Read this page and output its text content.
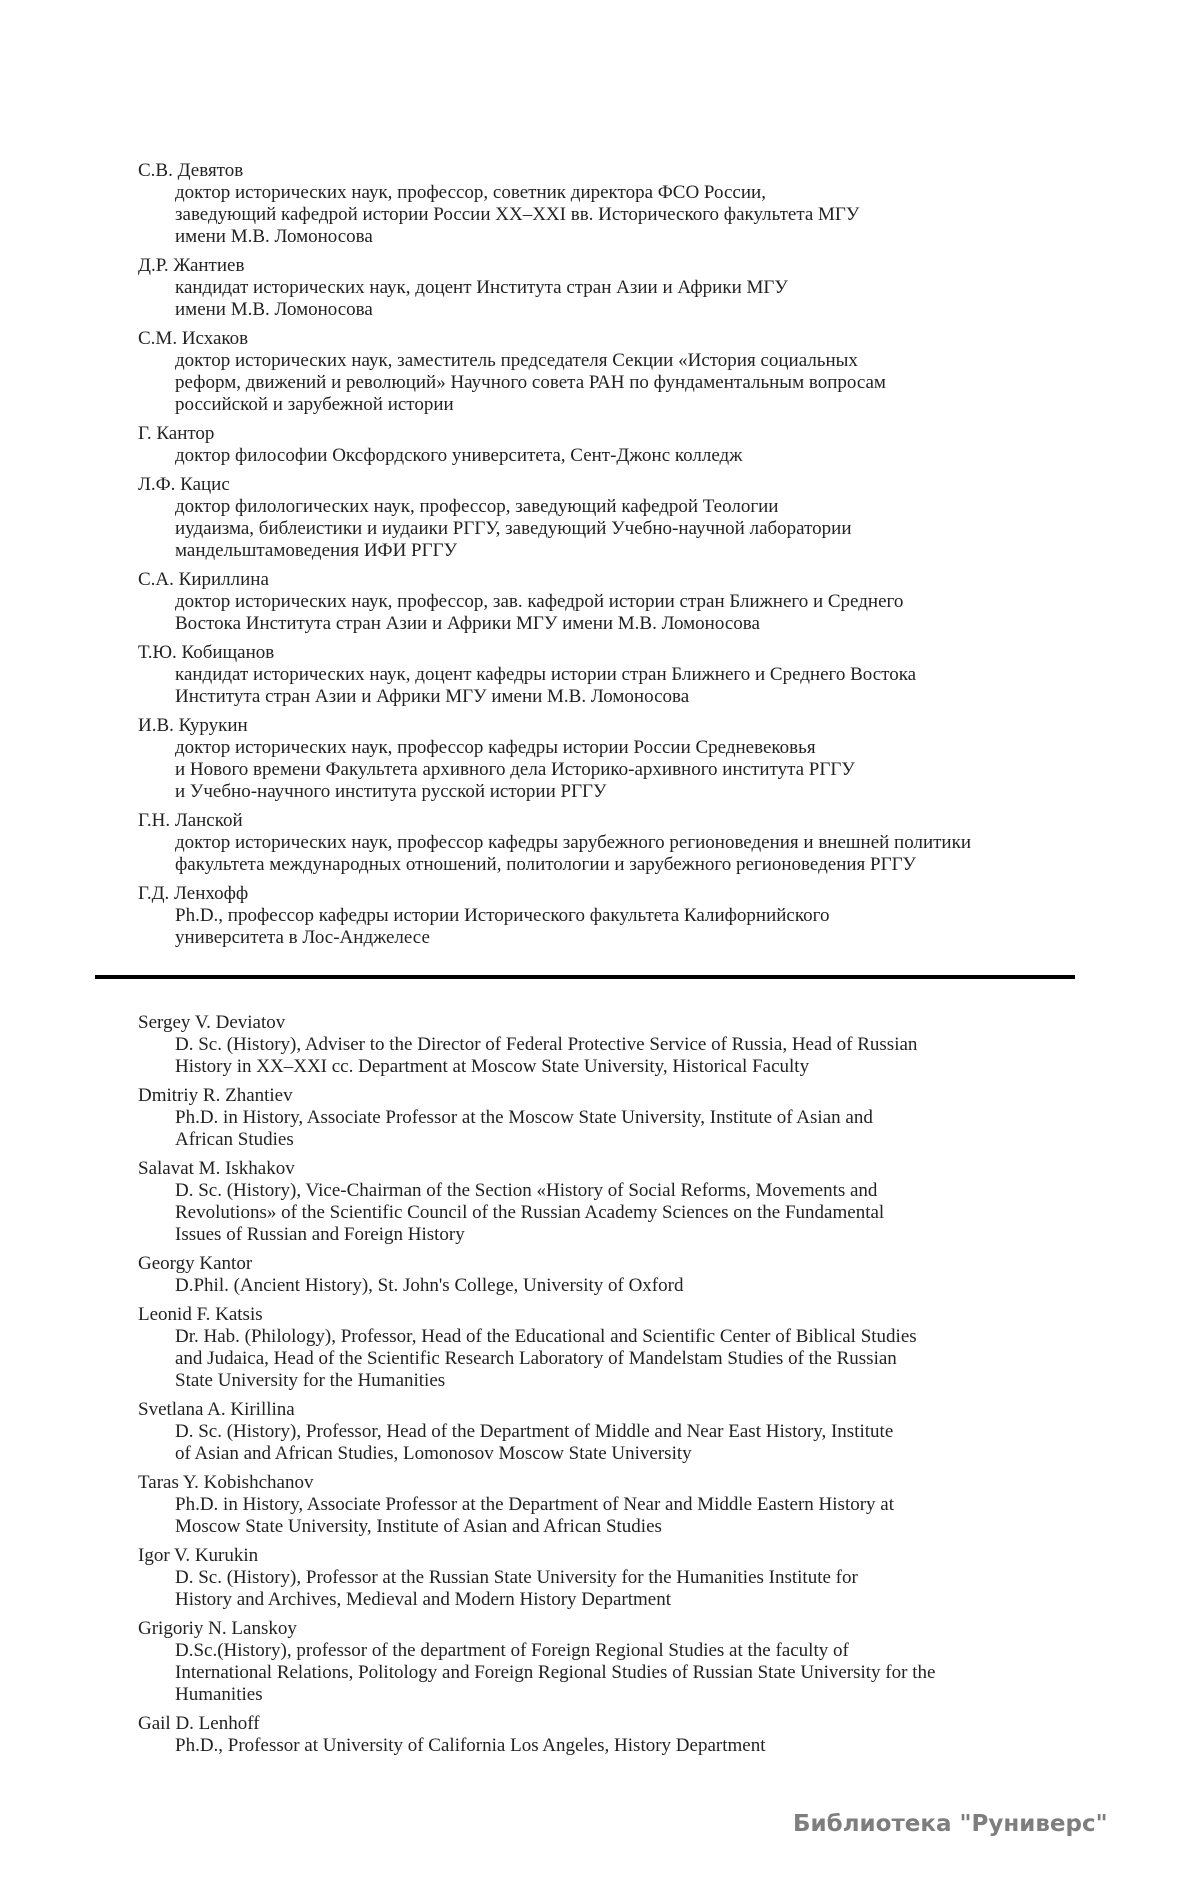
С.В. Девятов
доктор исторических наук, профессор, советник директора ФСО России,
заведующий кафедрой истории России XX–XXI вв. Исторического факультета МГУ
имени М.В. Ломоносова
Д.Р. Жантиев
кандидат исторических наук, доцент Института стран Азии и Африки МГУ
имени М.В. Ломоносова
С.М. Исхаков
доктор исторических наук, заместитель председателя Секции «История социальных
реформ, движений и революций» Научного совета РАН по фундаментальным вопросам
российской и зарубежной истории
Г. Кантор
доктор философии Оксфордского университета, Сент-Джонс колледж
Л.Ф. Кацис
доктор филологических наук, профессор, заведующий кафедрой Теологии
иудаизма, библеистики и иудаики РГГУ, заведующий Учебно-научной лаборатории
мандельштамоведения ИФИ РГГУ
С.А. Кириллина
доктор исторических наук, профессор, зав. кафедрой истории стран Ближнего и Среднего
Востока Института стран Азии и Африки МГУ имени М.В. Ломоносова
Т.Ю. Кобищанов
кандидат исторических наук, доцент кафедры истории стран Ближнего и Среднего Востока
Института стран Азии и Африки МГУ имени М.В. Ломоносова
И.В. Курукин
доктор исторических наук, профессор кафедры истории России Средневековья
и Нового времени Факультета архивного дела Историко-архивного института РГГУ
и Учебно-научного института русской истории РГГУ
Г.Н. Ланской
доктор исторических наук, профессор кафедры зарубежного регионоведения и внешней политики
факультета международных отношений, политологии и зарубежного регионоведения РГГУ
Г.Д. Ленхофф
Ph.D., профессор кафедры истории Исторического факультета Калифорнийского
университета в Лос-Анджелесе
Sergey V. Deviatov
D. Sc. (History), Adviser to the Director of Federal Protective Service of Russia, Head of Russian
History in XX–XXI cc. Department at Moscow State University, Historical Faculty
Dmitriy R. Zhantiev
Ph.D. in History, Associate Professor at the Moscow State University, Institute of Asian and
African Studies
Salavat M. Iskhakov
D. Sc. (History), Vice-Chairman of the Section «History of Social Reforms, Movements and
Revolutions» of the Scientific Council of the Russian Academy Sciences on the Fundamental
Issues of Russian and Foreign History
Georgy Kantor
D.Phil. (Ancient History), St. John's College, University of Oxford
Leonid F. Katsis
Dr. Hab. (Philology), Professor, Head of the Educational and Scientific Center of Biblical Studies
and Judaica, Head of the Scientific Research Laboratory of Mandelstam Studies of the Russian
State University for the Humanities
Svetlana A. Kirillina
D. Sc. (History), Professor, Head of the Department of Middle and Near East History, Institute
of Asian and African Studies, Lomonosov Moscow State University
Taras Y. Kobishchanov
Ph.D. in History, Associate Professor at the Department of Near and Middle Eastern History at
Moscow State University, Institute of Asian and African Studies
Igor V. Kurukin
D. Sc. (History), Professor at the Russian State University for the Humanities Institute for
History and Archives, Medieval and Modern History Department
Grigoriy N. Lanskoy
D.Sc.(History), professor of the department of Foreign Regional Studies at the faculty of
International Relations, Politology and Foreign Regional Studies of Russian State University for the
Humanities
Gail D. Lenhoff
Ph.D., Professor at University of California Los Angeles, History Department
Библиотека "Руниверс"
